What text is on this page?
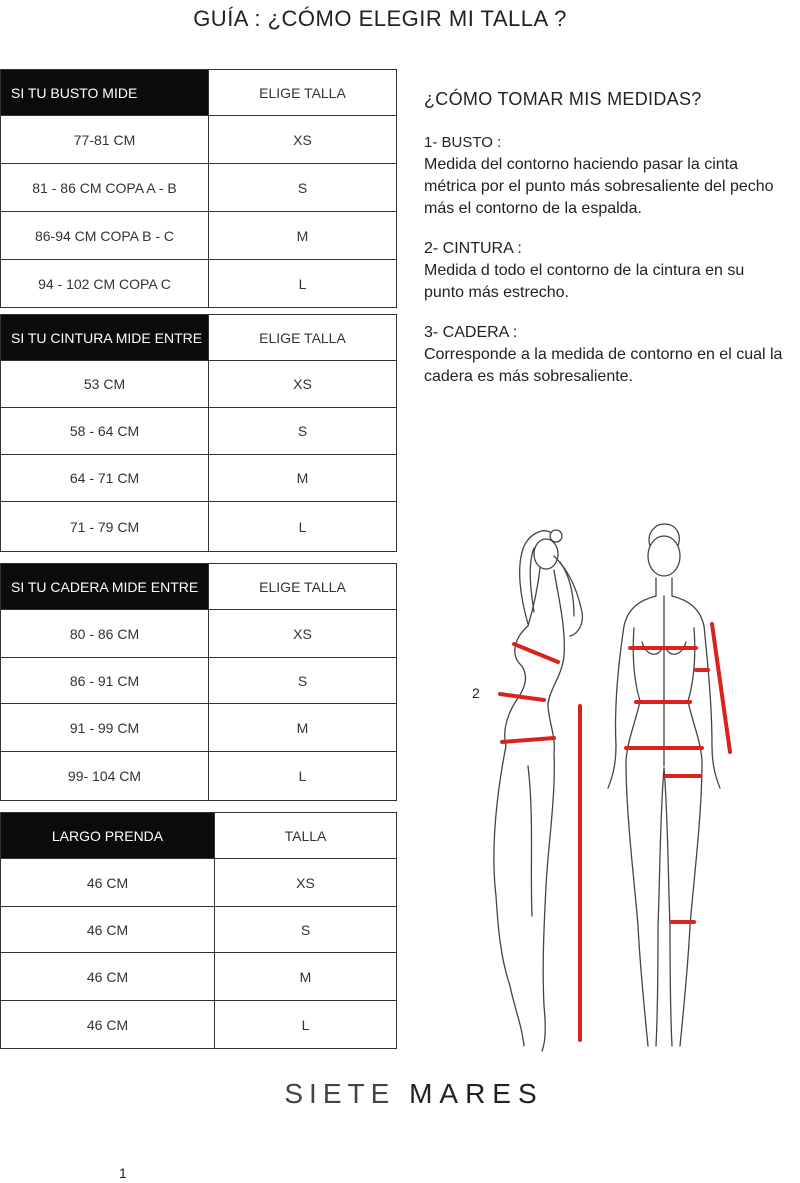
GUÍA : ¿CÓMO ELEGIR MI TALLA ?
SI TU BUSTO MIDE	ELIGE TALLA
77-81 CM	XS
81 - 86 CM COPA A - B	S
86-94 CM COPA B - C	M
94 - 102 CM COPA C	L
SI TU CINTURA MIDE ENTRE	ELIGE TALLA
53 CM	XS
58 - 64 CM	S
64 - 71 CM	M
71 - 79 CM	L
SI TU CADERA MIDE ENTRE	ELIGE TALLA
80 - 86 CM	XS
86 - 91 CM	S
91 - 99 CM	M
99- 104 CM	L
LARGO PRENDA	TALLA
46 CM	XS
46 CM	S
46 CM	M
46 CM	L
¿CÓMO TOMAR MIS MEDIDAS?
1- BUSTO :
Medida del contorno haciendo pasar la cinta métrica por el punto más sobresaliente del pecho más el contorno de la espalda.
2- CINTURA :
Medida d todo el contorno de la cintura en su punto más estrecho.
3- CADERA :
Corresponde a la medida de contorno en el cual la cadera es más sobresaliente.
2
SIETE MARES
1
